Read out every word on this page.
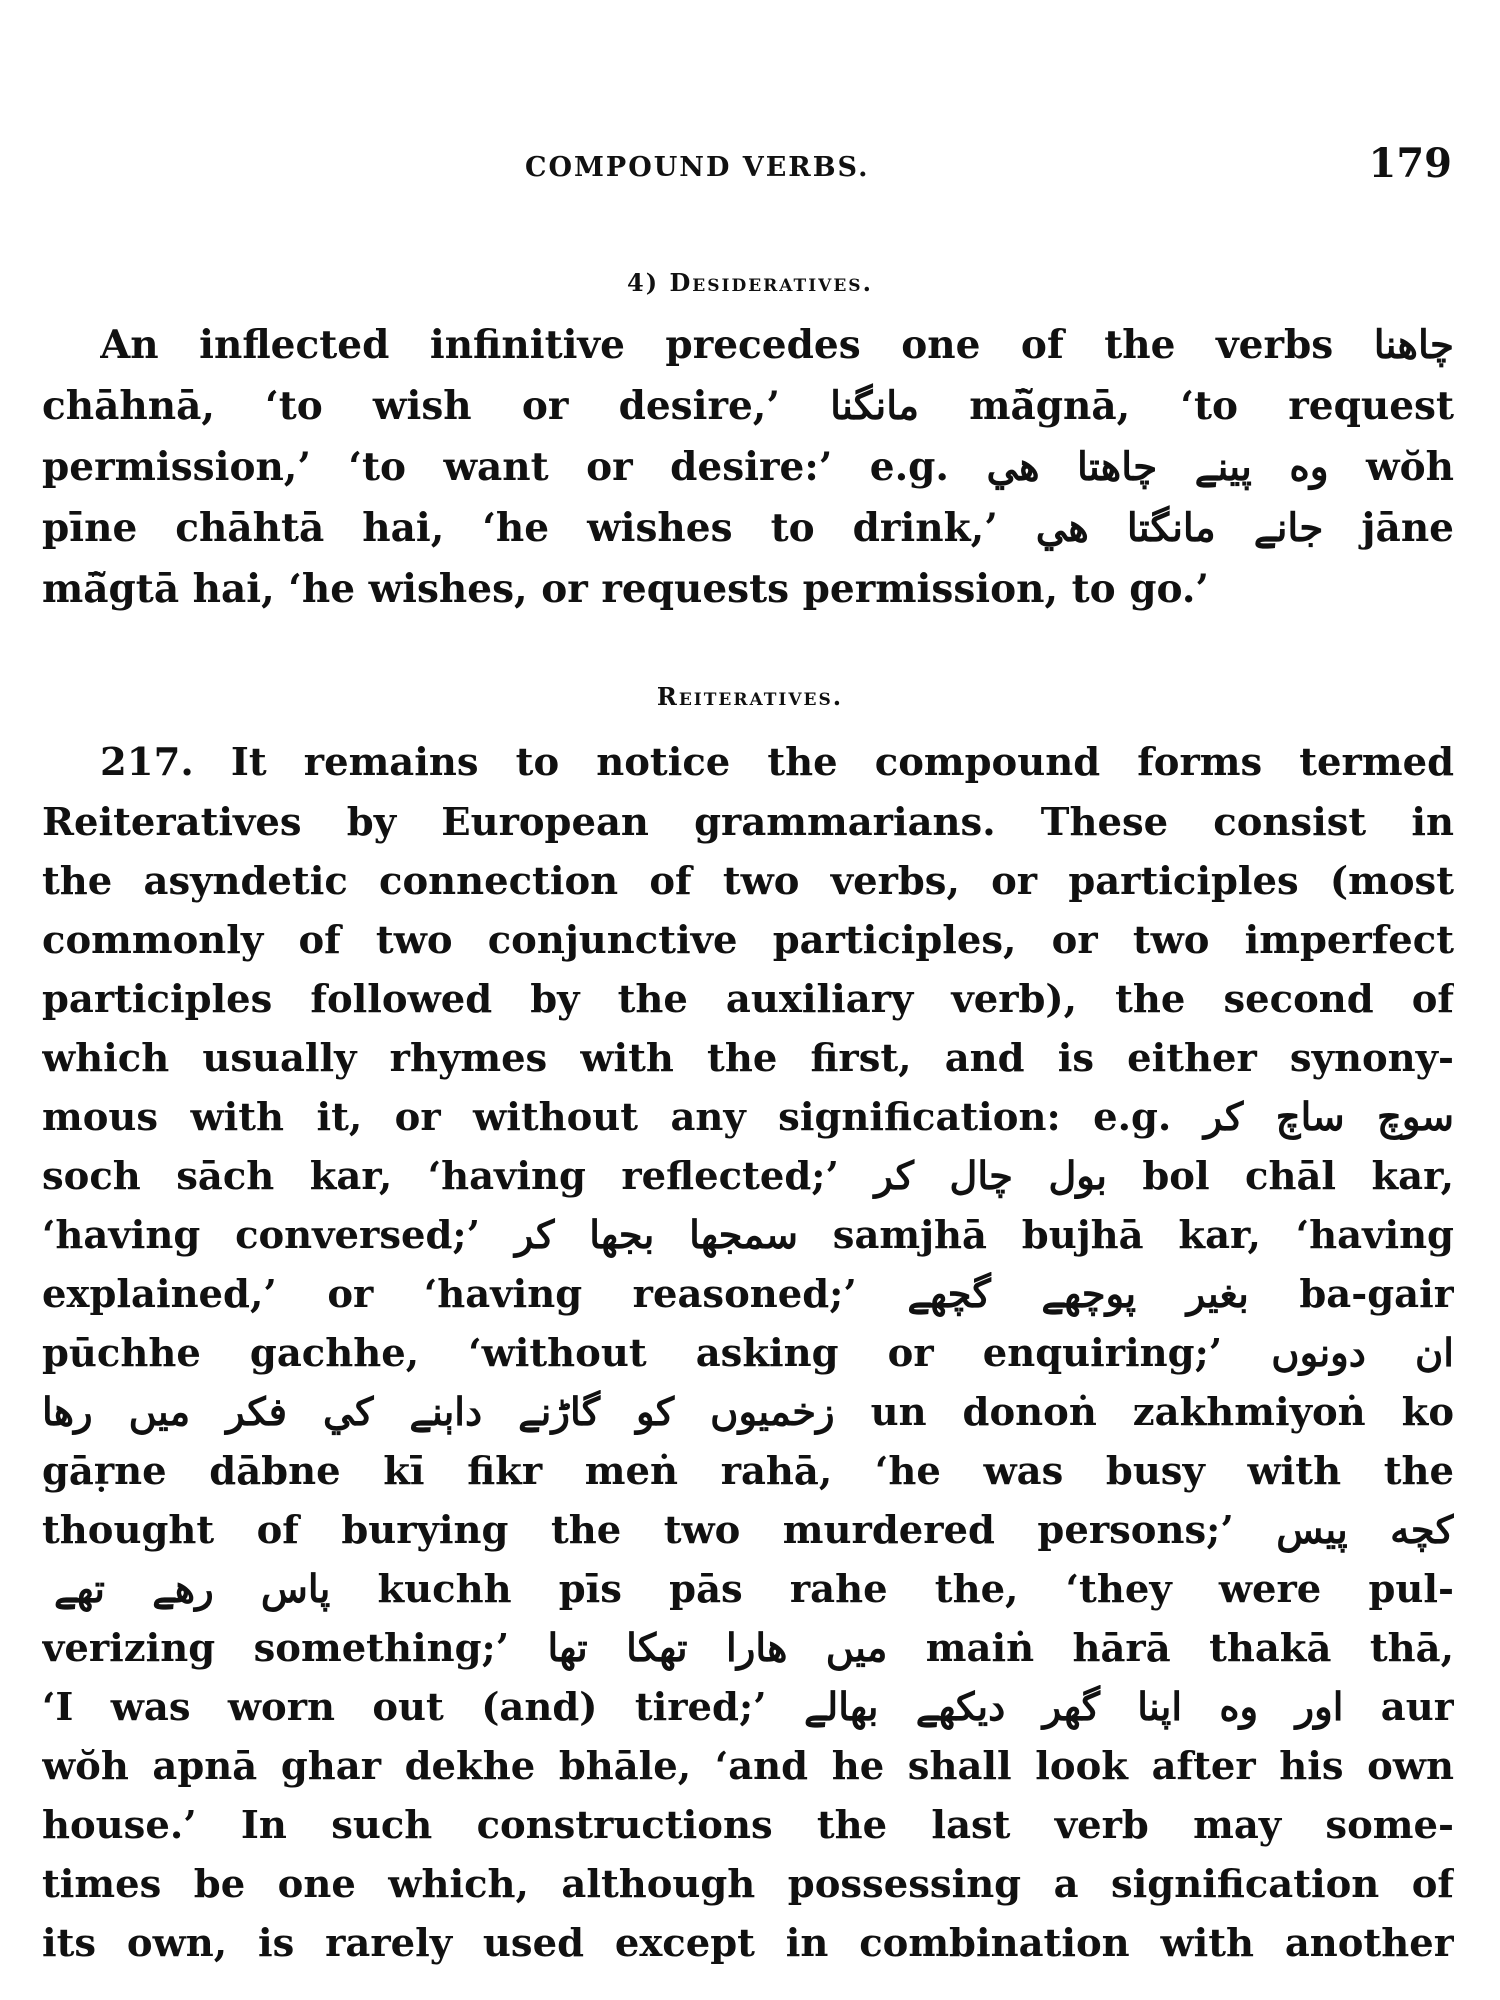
COMPOUND VERBS.	179
4) Desideratives.
An inflected infinitive precedes one of the verbs چاهنا
chāhnā, ‘to wish or desire,’ مانگنا mā̃gnā, ‘to request
permission,’ ‘to want or desire:’ e.g. وه پينے چاهتا هي wŏh
pīne chāhtā hai, ‘he wishes to drink,’ جانے مانگتا هي jāne
mā̃gtā hai, ‘he wishes, or requests permission, to go.’
Reiteratives.
217. It remains to notice the compound forms termed
Reiteratives by European grammarians. These consist in
the asyndetic connection of two verbs, or participles (most
commonly of two conjunctive participles, or two imperfect
participles followed by the auxiliary verb), the second of
which usually rhymes with the first, and is either synony-
mous with it, or without any signification: e.g. سوچ ساچ کر
soch sāch kar, ‘having reflected;’ بول چال کر bol chāl kar,
‘having conversed;’ سمجها بجها کر samjhā bujhā kar, ‘having
explained,’ or ‘having reasoned;’ بغير پوچهے گچهے ba-gair
pūchhe gachhe, ‘without asking or enquiring;’ ان دونوں
زخميوں کو گاڑنے داٻنے کي فکر ميں رها un donoṅ zakhmiyoṅ ko
gāṛne dābne kī fikr meṅ rahā, ‘he was busy with the
thought of burying the two murdered persons;’ کچه پيس
پاس رهے تهے kuchh pīs pās rahe the, ‘they were pul-
verizing something;’ ميں هارا تهکا تها maiṅ hārā thakā thā,
‘I was worn out (and) tired;’ اور وه اپنا گهر ديکهے بهالے aur
wŏh apnā ghar dekhe bhāle, ‘and he shall look after his own
house.’ In such constructions the last verb may some-
times be one which, although possessing a signification of
its own, is rarely used except in combination with another
